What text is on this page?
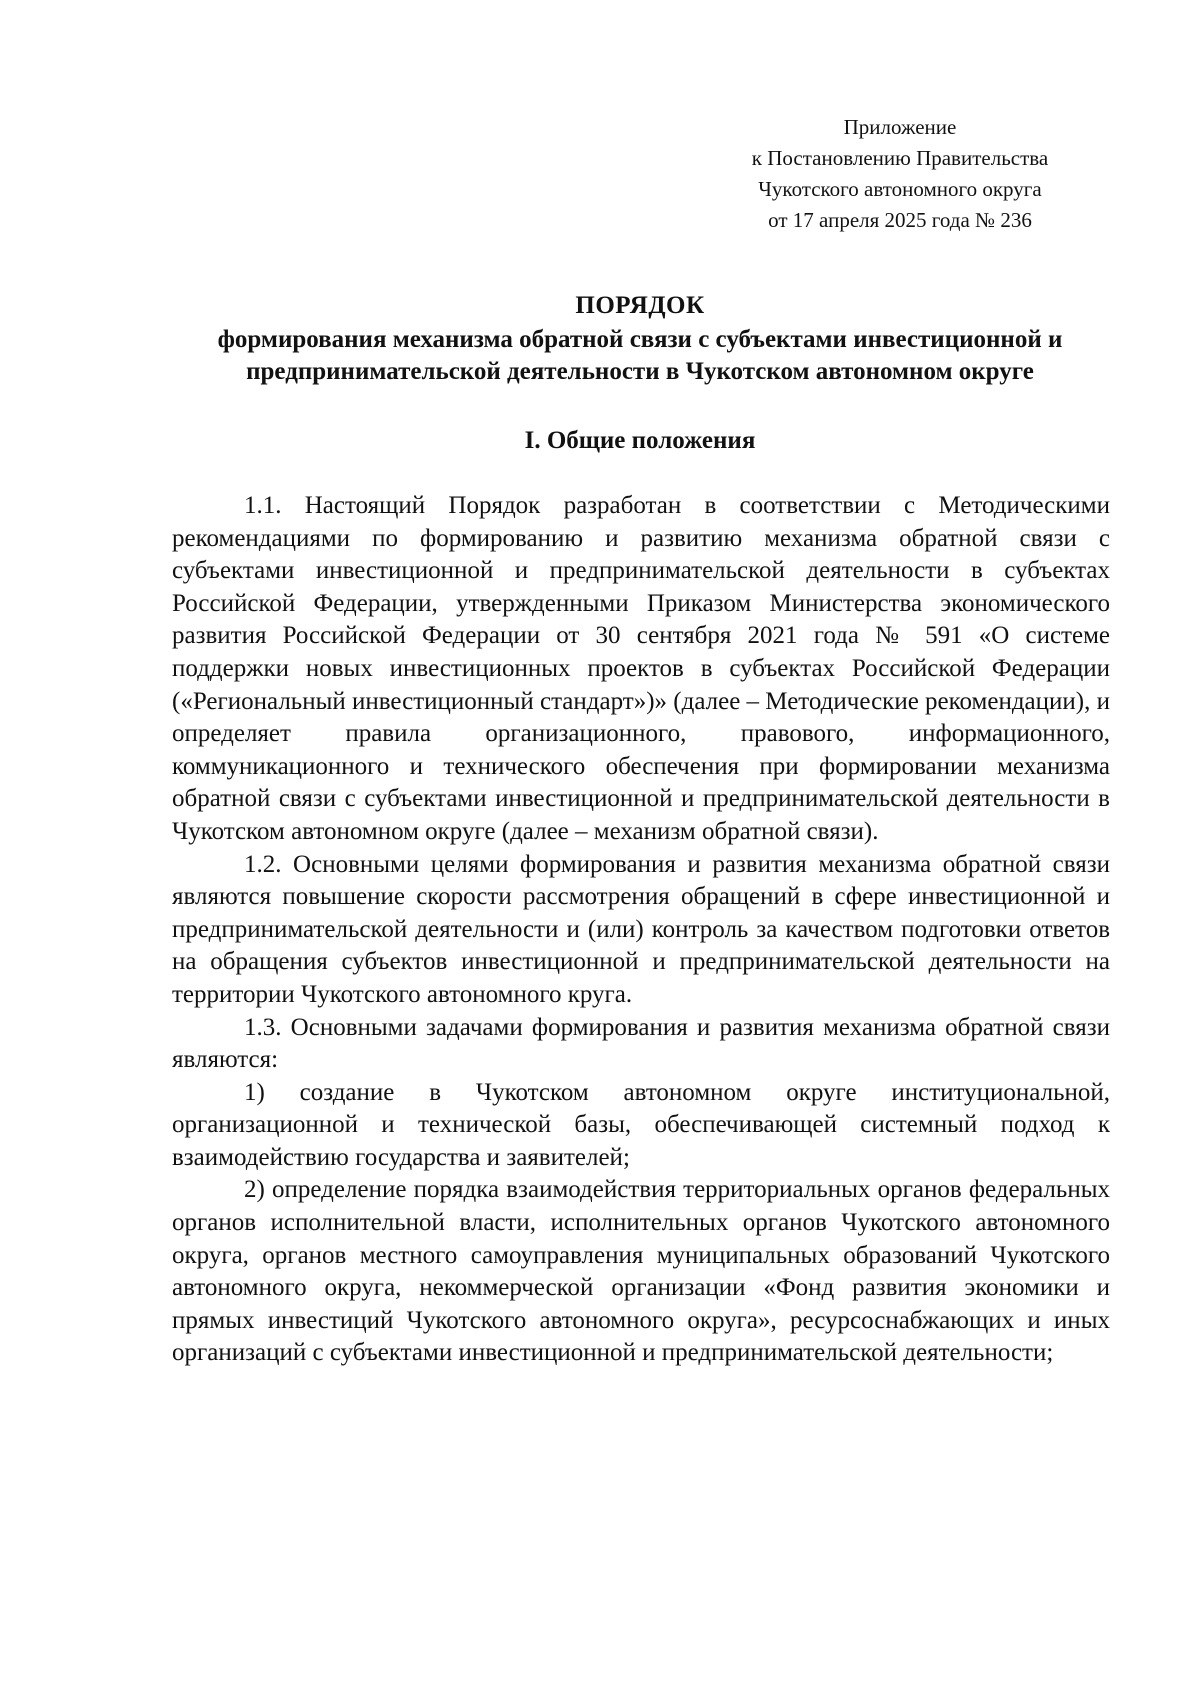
Приложение
к Постановлению Правительства
Чукотского автономного округа
от 17 апреля 2025 года № 236
ПОРЯДОК
формирования механизма обратной связи с субъектами инвестиционной и предпринимательской деятельности в Чукотском автономном округе
I. Общие положения

1.1. Настоящий Порядок разработан в соответствии с Методическими рекомендациями по формированию и развитию механизма обратной связи с субъектами инвестиционной и предпринимательской деятельности в субъектах Российской Федерации, утвержденными Приказом Министерства экономического развития Российской Федерации от 30 сентября 2021 года № 591 «О системе поддержки новых инвестиционных проектов в субъектах Российской Федерации («Региональный инвестиционный стандарт»)» (далее – Методические рекомендации), и определяет правила организационного, правового, информационного, коммуникационного и технического обеспечения при формировании механизма обратной связи с субъектами инвестиционной и предпринимательской деятельности в Чукотском автономном округе (далее – механизм обратной связи).

1.2. Основными целями формирования и развития механизма обратной связи являются повышение скорости рассмотрения обращений в сфере инвестиционной и предпринимательской деятельности и (или) контроль за качеством подготовки ответов на обращения субъектов инвестиционной и предпринимательской деятельности на территории Чукотского автономного круга.

1.3. Основными задачами формирования и развития механизма обратной связи являются:

1) создание в Чукотском автономном округе институциональной, организационной и технической базы, обеспечивающей системный подход к взаимодействию государства и заявителей;

2) определение порядка взаимодействия территориальных органов федеральных органов исполнительной власти, исполнительных органов Чукотского автономного округа, органов местного самоуправления муниципальных образований Чукотского автономного округа, некоммерческой организации «Фонд развития экономики и прямых инвестиций Чукотского автономного округа», ресурсоснабжающих и иных организаций с субъектами инвестиционной и предпринимательской деятельности;
